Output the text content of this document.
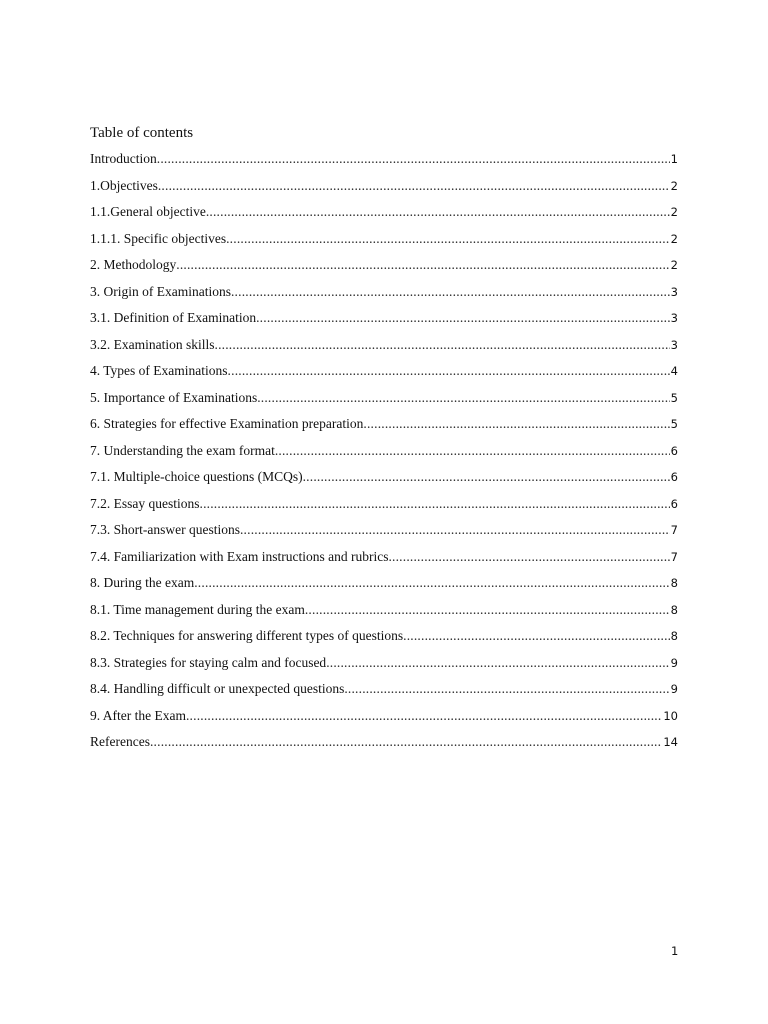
Table of contents
Introduction .....	1
1.Objectives .....	2
1.1.General objective .....	2
1.1.1. Specific objectives .....	2
2. Methodology .....	2
3. Origin of Examinations .....	3
3.1. Definition of Examination .....	3
3.2. Examination skills .....	3
4. Types of Examinations .....	4
5. Importance of Examinations .....	5
6. Strategies for effective Examination preparation .....	5
7. Understanding the exam format .....	6
7.1. Multiple-choice questions (MCQs) .....	6
7.2. Essay questions .....	6
7.3. Short-answer questions .....	7
7.4. Familiarization with Exam instructions and rubrics .....	7
8. During the exam .....	8
8.1. Time management during the exam .....	8
8.2. Techniques for answering different types of questions .....	8
8.3. Strategies for staying calm and focused .....	9
8.4. Handling difficult or unexpected questions .....	9
9. After the Exam .....	10
References .....	14
1
